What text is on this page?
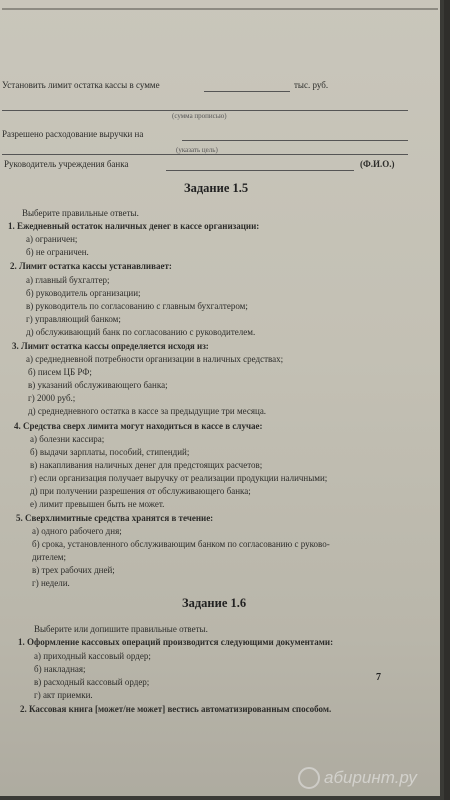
Установить лимит остатка кассы в сумме	тыс. руб.
(сумма прописью)
Разрешено расходование выручки на
(указать цель)
Руководитель учреждения банка	(Ф.И.О.)
Задание 1.5
Выберите правильные ответы.
1. Ежедневный остаток наличных денег в кассе организации:
а) ограничен;
б) не ограничен.
2. Лимит остатка кассы устанавливает:
а) главный бухгалтер;
б) руководитель организации;
в) руководитель по согласованию с главным бухгалтером;
г) управляющий банком;
д) обслуживающий банк по согласованию с руководителем.
3. Лимит остатка кассы определяется исходя из:
а) среднедневной потребности организации в наличных средствах;
б) писем ЦБ РФ;
в) указаний обслуживающего банка;
г) 2000 руб.;
д) среднедневного остатка в кассе за предыдущие три месяца.
4. Средства сверх лимита могут находиться в кассе в случае:
а) болезни кассира;
б) выдачи зарплаты, пособий, стипендий;
в) накапливания наличных денег для предстоящих расчетов;
г) если организация получает выручку от реализации продукции наличными;
д) при получении разрешения от обслуживающего банка;
е) лимит превышен быть не может.
5. Сверхлимитные средства хранятся в течение:
а) одного рабочего дня;
б) срока, установленного обслуживающим банком по согласованию с руково-
дителем;
в) трех рабочих дней;
г) недели.
Задание 1.6
Выберите или допишите правильные ответы.
1. Оформление кассовых операций производится следующими документами:
а) приходный кассовый ордер;
б) накладная;
в) расходный кассовый ордер;
г) акт приемки.
2. Кассовая книга [может/не может] вестись автоматизированным способом.
7
абиринт.ру
